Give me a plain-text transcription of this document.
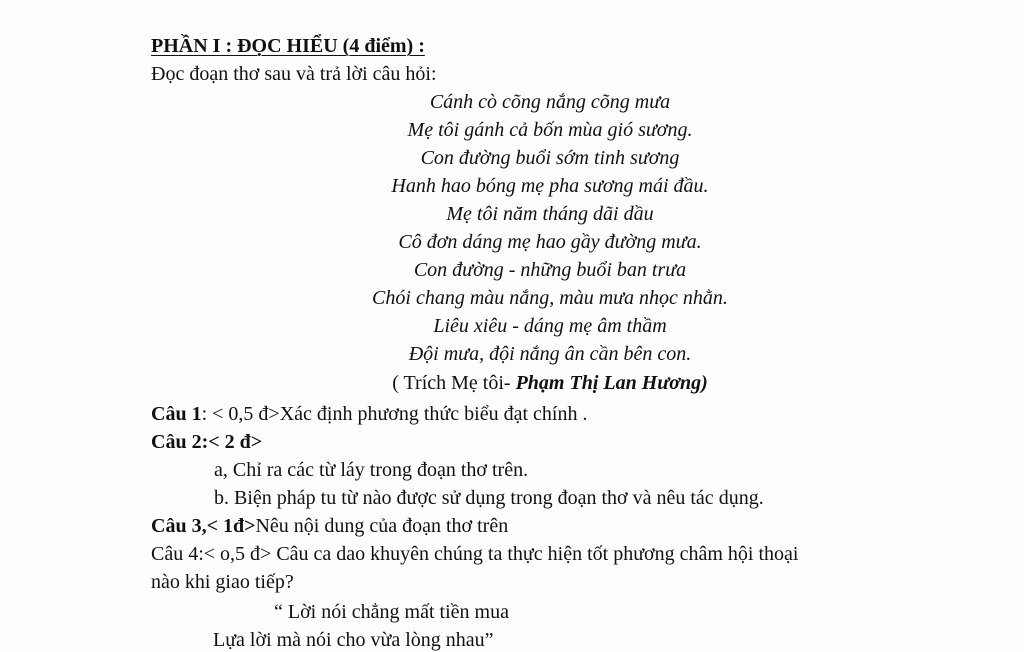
PHẦN I : ĐỌC HIỂU (4 điểm) :
Đọc đoạn thơ sau và trả lời câu hỏi:
Cánh cò cõng nắng cõng mưa
Mẹ tôi gánh cả bốn mùa gió sương.
Con đường buổi sớm tinh sương
Hanh hao bóng mẹ pha sương mái đầu.
Mẹ tôi năm tháng dãi dầu
Cô đơn dáng mẹ hao gầy đường mưa.
Con đường - những buổi ban trưa
Chói chang màu nắng, màu mưa nhọc nhằn.
Liêu xiêu - dáng mẹ âm thầm
Đội mưa, đội nắng ân cần bên con.
( Trích Mẹ tôi- Phạm Thị Lan Hương)
Câu 1: < 0,5 đ>Xác định phương thức biểu đạt chính .
Câu 2:< 2 đ>
a, Chỉ ra các từ láy trong đoạn thơ trên.
b. Biện pháp tu từ nào được sử dụng trong đoạn thơ và nêu tác dụng.
Câu 3,< 1đ>Nêu nội dung của đoạn thơ trên
Câu 4:< o,5 đ> Câu ca dao khuyên chúng ta thực hiện tốt phương châm hội thoại
nào khi giao tiếp?
“ Lời nói chẳng mất tiền mua
Lựa lời mà nói cho vừa lòng nhau”
